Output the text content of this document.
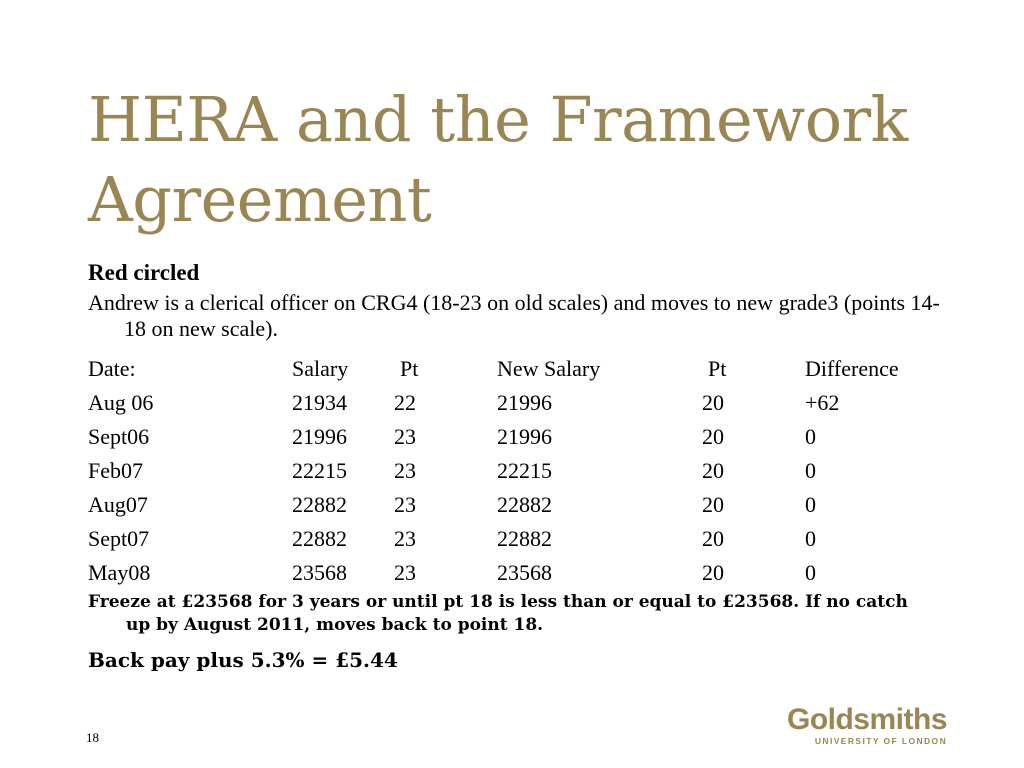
HERA and the Framework
Agreement

Red circled

Andrew is a clerical officer on CRG4 (18-23 on old scales) and moves to new grade3 (points 14-18 on new scale).

Date:	Salary Pt	New Salary	Pt	Difference
Aug 06	21934 22	21996	20	+62
Sept06	21996 23	21996	20	0
Feb07	22215 23	22215	20	0
Aug07	22882 23	22882	20	0
Sept07	22882 23	22882	20	0
May08	23568 23	23568	20	0

Freeze at £23568 for 3 years or until pt 18 is less than or equal to £23568. If no catch up by August 2011, moves back to point 18.

Back pay plus 5.3% = £5.44

18
Goldsmiths
UNIVERSITY OF LONDON
